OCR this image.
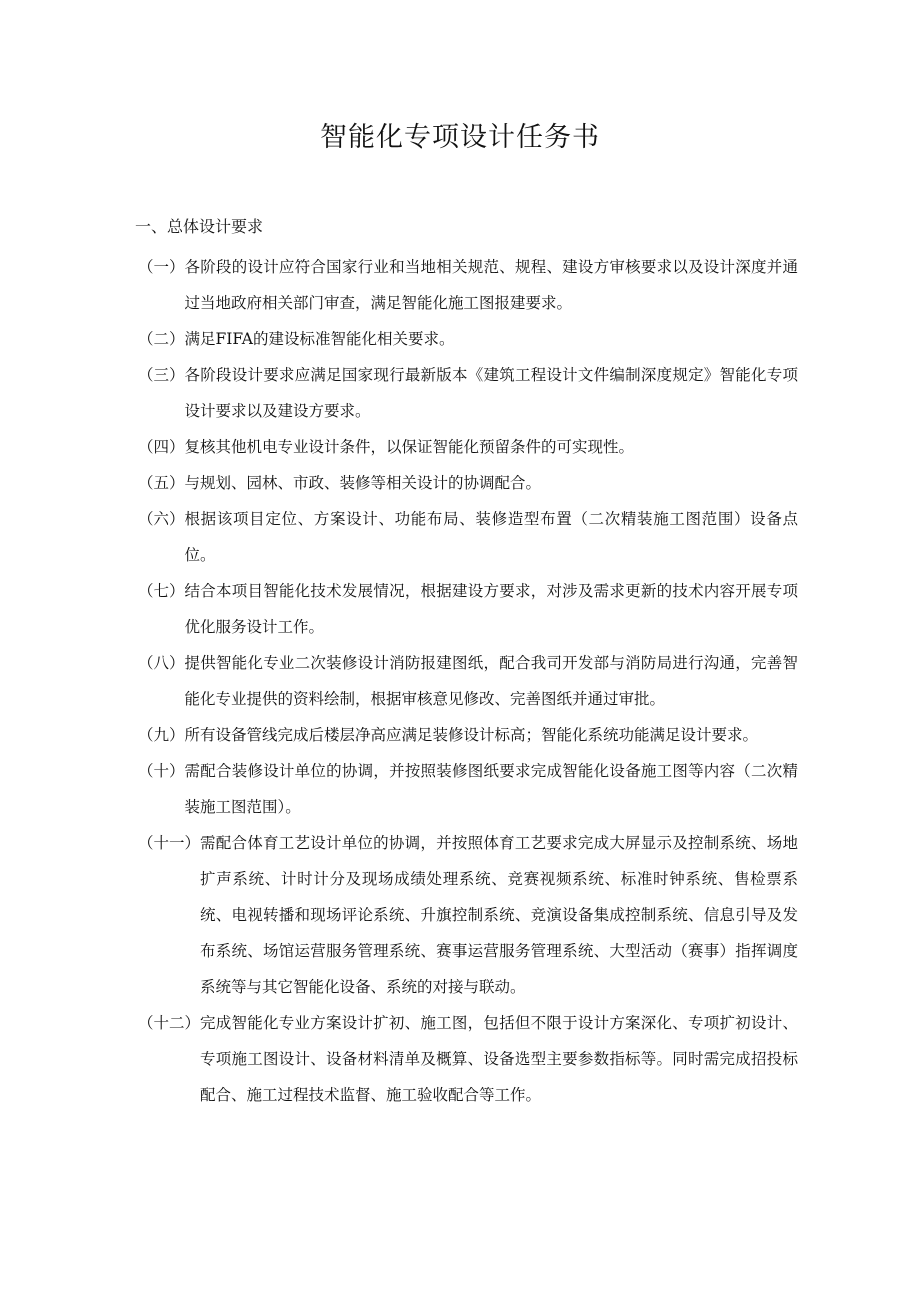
智能化专项设计任务书
一、总体设计要求
（一） 各阶段的设计应符合国家行业和当地相关规范、规程、建设方审核要求以及设计深度并通过当地政府相关部门审查，满足智能化施工图报建要求。
（二） 满足FIFA的建设标准智能化相关要求。
（三） 各阶段设计要求应满足国家现行最新版本《建筑工程设计文件编制深度规定》智能化专项设计要求以及建设方要求。
（四） 复核其他机电专业设计条件，以保证智能化预留条件的可实现性。
（五） 与规划、园林、市政、装修等相关设计的协调配合。
（六） 根据该项目定位、方案设计、功能布局、装修造型布置（二次精装施工图范围）设备点位。
（七） 结合本项目智能化技术发展情况，根据建设方要求，对涉及需求更新的技术内容开展专项优化服务设计工作。
（八） 提供智能化专业二次装修设计消防报建图纸，配合我司开发部与消防局进行沟通，完善智能化专业提供的资料绘制，根据审核意见修改、完善图纸并通过审批。
（九） 所有设备管线完成后楼层净高应满足装修设计标高；智能化系统功能满足设计要求。
（十） 需配合装修设计单位的协调，并按照装修图纸要求完成智能化设备施工图等内容（二次精装施工图范围）。
（十一） 需配合体育工艺设计单位的协调，并按照体育工艺要求完成大屏显示及控制系统、场地扩声系统、计时计分及现场成绩处理系统、竞赛视频系统、标准时钟系统、售检票系统、电视转播和现场评论系统、升旗控制系统、竞演设备集成控制系统、信息引导及发布系统、场馆运营服务管理系统、赛事运营服务管理系统、大型活动（赛事）指挥调度系统等与其它智能化设备、系统的对接与联动。
（十二） 完成智能化专业方案设计扩初、施工图，包括但不限于设计方案深化、专项扩初设计、专项施工图设计、设备材料清单及概算、设备选型主要参数指标等。同时需完成招投标配合、施工过程技术监督、施工验收配合等工作。
